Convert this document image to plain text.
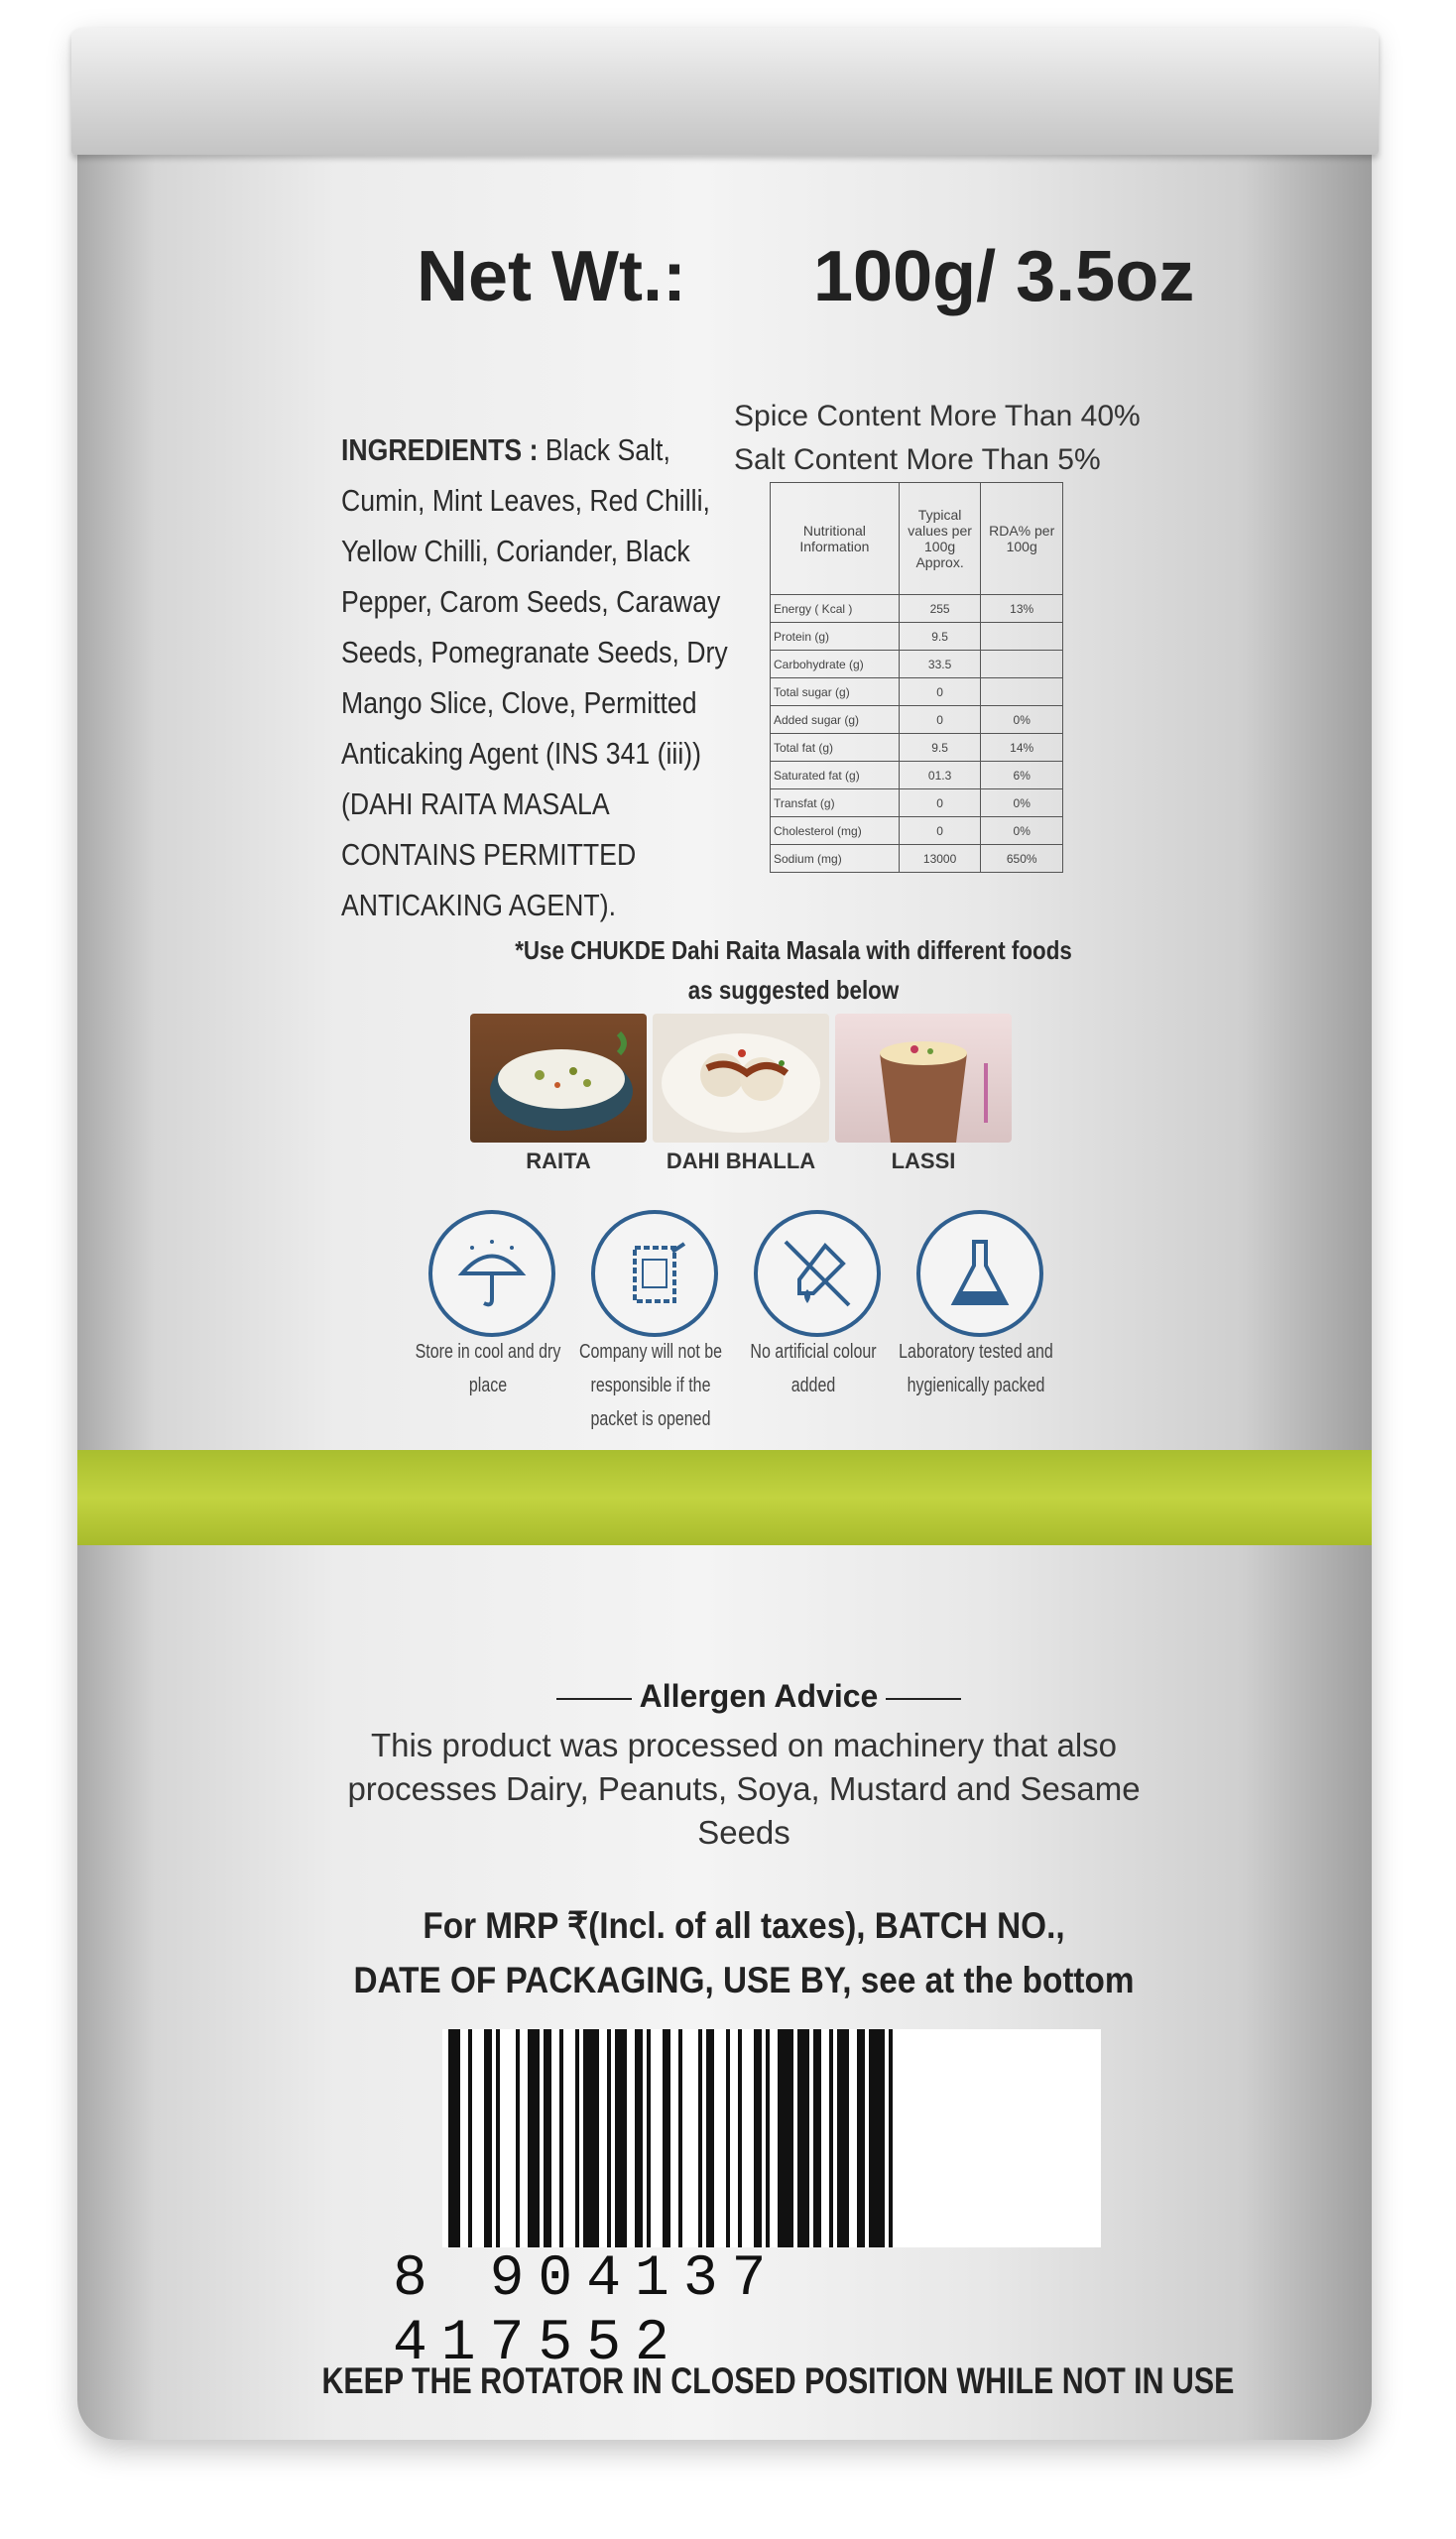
Net Wt.: 100g/ 3.5oz
INGREDIENTS : Black Salt, Cumin, Mint Leaves, Red Chilli, Yellow Chilli, Coriander, Black Pepper, Carom Seeds, Caraway Seeds, Pomegranate Seeds, Dry Mango Slice, Clove, Permitted Anticaking Agent (INS 341 (iii)) (DAHI RAITA MASALA CONTAINS PERMITTED ANTICAKING AGENT).
Spice Content More Than 40%
Salt Content More Than 5%
Nutritional Information	Typical values per 100g Approx.	RDA% per 100g
Energy ( Kcal )	255	13%
Protein (g)	9.5	
Carbohydrate (g)	33.5	
Total sugar (g)	0	
Added sugar (g)	0	0%
Total fat (g)	9.5	14%
Saturated fat (g)	01.3	6%
Transfat (g)	0	0%
Cholesterol (mg)	0	0%
Sodium (mg)	13000	650%
*Use CHUKDE Dahi Raita Masala with different foods
as suggested below
RAITA	DAHI BHALLA	LASSI
Store in cool and dry place
Company will not be responsible if the packet is opened
No artificial colour added
Laboratory tested and hygienically packed
Allergen Advice
This product was processed on machinery that also processes Dairy, Peanuts, Soya, Mustard and Sesame Seeds
For MRP ₹(Incl. of all taxes), BATCH NO.,
DATE OF PACKAGING, USE BY, see at the bottom
8 904137 417552
KEEP THE ROTATOR IN CLOSED POSITION WHILE NOT IN USE
